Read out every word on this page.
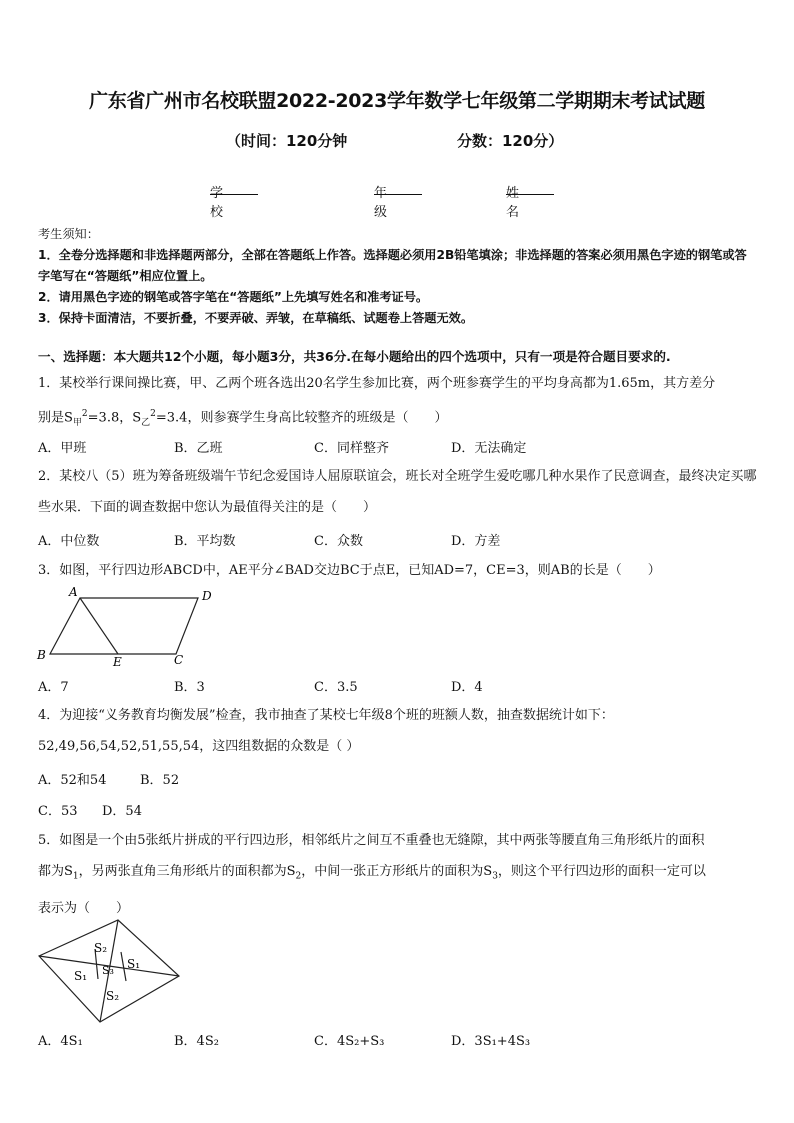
广东省广州市名校联盟2022-2023学年数学七年级第二学期期末考试试题
（时间：120分钟	分数：120分）
学校
年级
姓名
考生须知：
1．全卷分选择题和非选择题两部分，全部在答题纸上作答。选择题必须用2B铅笔填涂；非选择题的答案必须用黑色字迹的钢笔或答字笔写在“答题纸”相应位置上。
2．请用黑色字迹的钢笔或答字笔在“答题纸”上先填写姓名和准考证号。
3．保持卡面清洁，不要折叠，不要弄破、弄皱，在草稿纸、试题卷上答题无效。
一、选择题：本大题共12个小题，每小题3分，共36分.在每小题给出的四个选项中，只有一项是符合题目要求的.
1．某校举行课间操比赛，甲、乙两个班各选出20名学生参加比赛，两个班参赛学生的平均身高都为1.65m，其方差分
别是$S_甲^2=3.8$，$S_乙^2=3.4$，则参赛学生身高比较整齐的班级是（　　）
A．甲班	B．乙班	C．同样整齐	D．无法确定
2．某校八（5）班为筹备班级端午节纪念爱国诗人屈原联谊会，班长对全班学生爱吃哪几种水果作了民意调查，最终决定买哪些水果．下面的调查数据中您认为最值得关注的是（　　）
A．中位数	B．平均数	C．众数	D．方差
3．如图，平行四边形ABCD中，AE平分∠BAD交边BC于点E，已知AD=7，CE=3，则AB的长是（　　）
A	D
B	E	C
A．7	B．3	C．3.5	D．4
4．为迎接“义务教育均衡发展”检查，我市抽查了某校七年级8个班的班额人数，抽查数据统计如下：
52,49,56,54,52,51,55,54，这四组数据的众数是（ ）
A．52和54	B．52
C．53 D．54
5．如图是一个由5张纸片拼成的平行四边形，相邻纸片之间互不重叠也无缝隙，其中两张等腰直角三角形纸片的面积
都为$S_1$，另两张直角三角形纸片的面积都为$S_2$，中间一张正方形纸片的面积为$S_3$，则这个平行四边形的面积一定可以
表示为（　　）
S₂
S₁
S₃
S₁
S₂
A．4S₁	B．4S₂	C．4S₂+S₃	D．3S₁+4S₃
